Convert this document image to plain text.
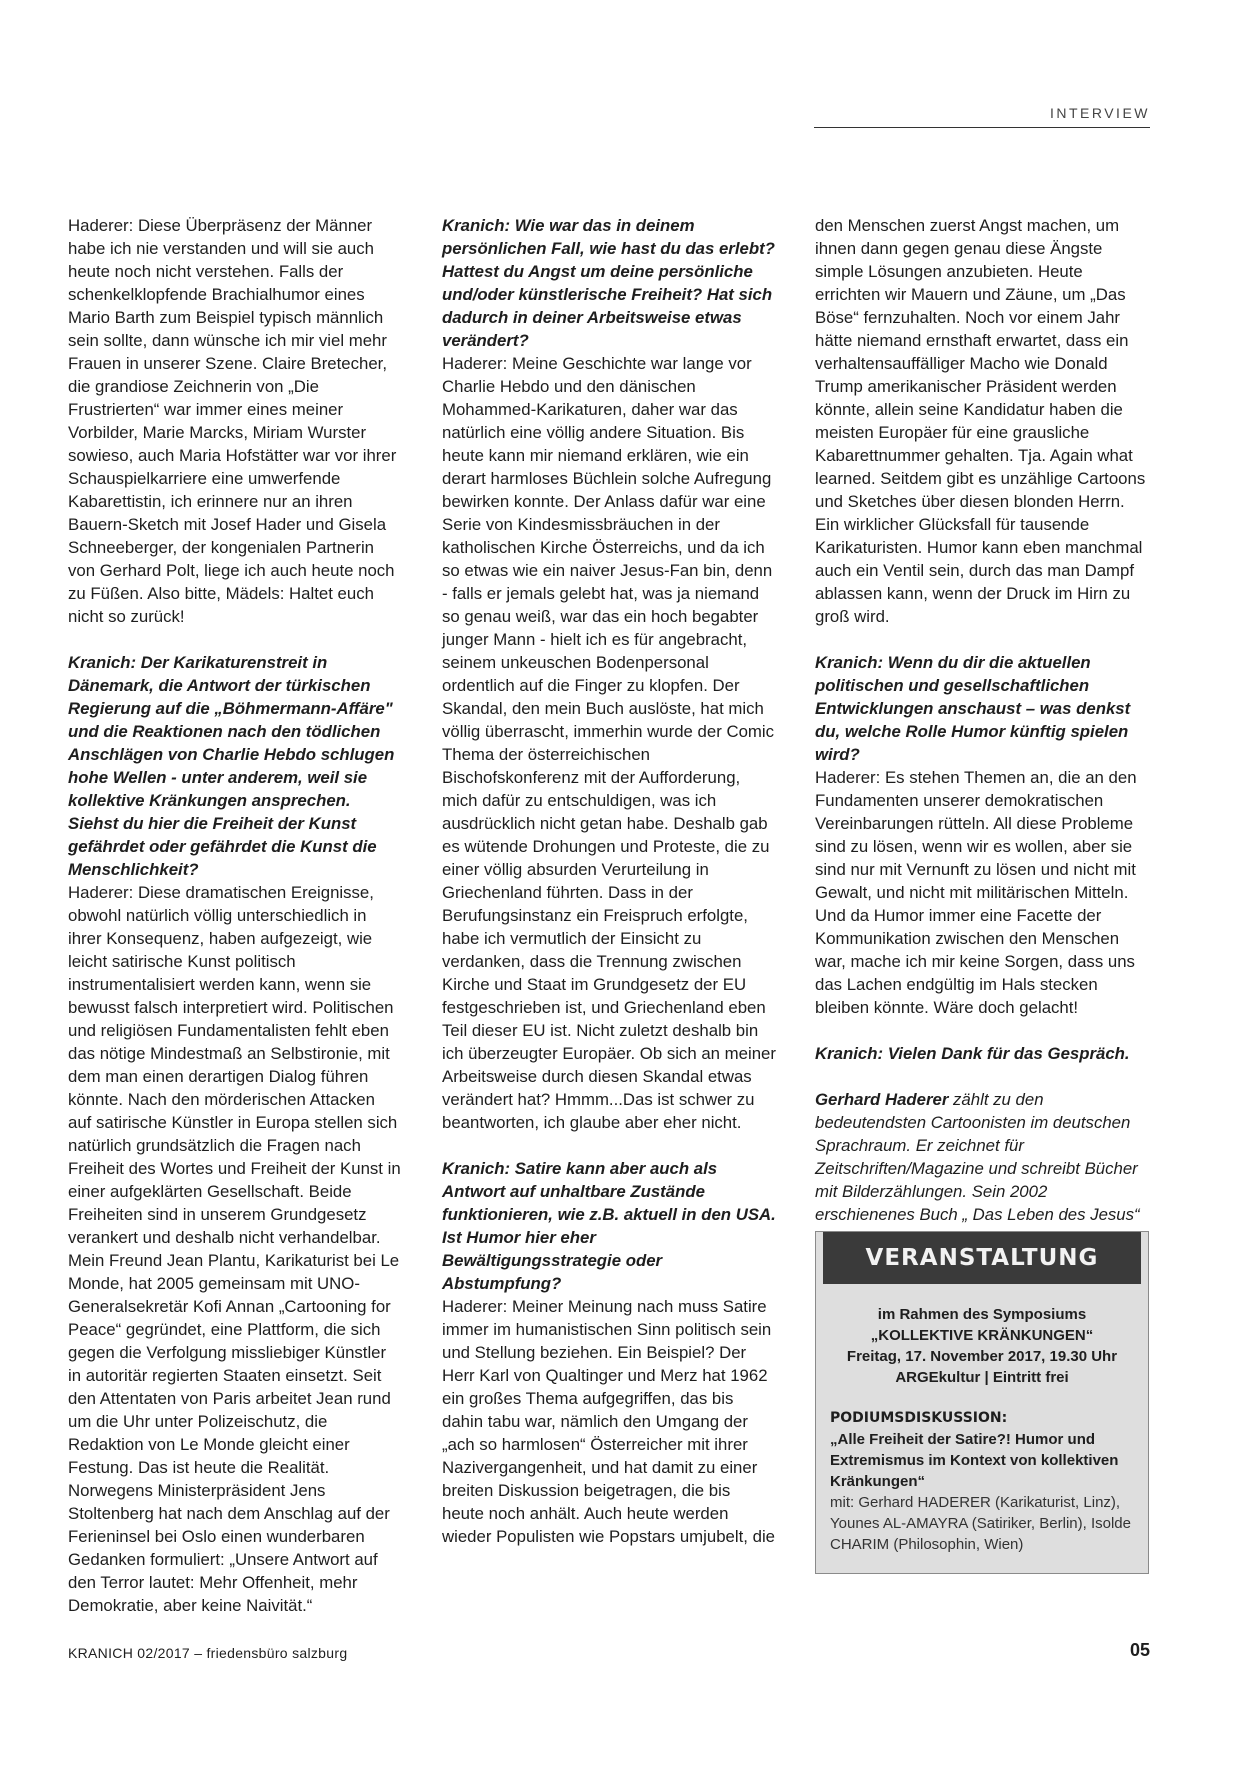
INTERVIEW

Haderer: Diese Überpräsenz der Männer habe ich nie verstanden und will sie auch heute noch nicht verstehen. Falls der schenkelklopfende Brachialhumor eines Mario Barth zum Beispiel typisch männlich sein sollte, dann wünsche ich mir viel mehr Frauen in unserer Szene. Claire Bretecher, die grandiose Zeichnerin von „Die Frustrierten“ war immer eines meiner Vorbilder, Marie Marcks, Miriam Wurster sowieso, auch Maria Hofstätter war vor ihrer Schauspielkarriere eine umwerfende Kabarettistin, ich erinnere nur an ihren Bauern-Sketch mit Josef Hader und Gisela Schneeberger, der kongenialen Partnerin von Gerhard Polt, liege ich auch heute noch zu Füßen. Also bitte, Mädels: Haltet euch nicht so zurück!

Kranich: Der Karikaturenstreit in Dänemark, die Antwort der türkischen Regierung auf die „Böhmermann-Affäre" und die Reaktionen nach den tödlichen Anschlägen von Charlie Hebdo schlugen hohe Wellen - unter anderem, weil sie kollektive Kränkungen ansprechen. Siehst du hier die Freiheit der Kunst gefährdet oder gefährdet die Kunst die Menschlichkeit?

Haderer: Diese dramatischen Ereignisse, obwohl natürlich völlig unterschiedlich in ihrer Konsequenz, haben aufgezeigt, wie leicht satirische Kunst politisch instrumentalisiert werden kann, wenn sie bewusst falsch interpretiert wird. Politischen und religiösen Fundamentalisten fehlt eben das nötige Mindestmaß an Selbstironie, mit dem man einen derartigen Dialog führen könnte. Nach den mörderischen Attacken auf satirische Künstler in Europa stellen sich natürlich grundsätzlich die Fragen nach Freiheit des Wortes und Freiheit der Kunst in einer aufgeklärten Gesellschaft. Beide Freiheiten sind in unserem Grundgesetz verankert und deshalb nicht verhandelbar. Mein Freund Jean Plantu, Karikaturist bei Le Monde, hat 2005 gemeinsam mit UNO-Generalsekretär Kofi Annan „Cartooning for Peace“ gegründet, eine Plattform, die sich gegen die Verfolgung missliebiger Künstler in autoritär regierten Staaten einsetzt. Seit den Attentaten von Paris arbeitet Jean rund um die Uhr unter Polizeischutz, die Redaktion von Le Monde gleicht einer Festung. Das ist heute die Realität. Norwegens Ministerpräsident Jens Stoltenberg hat nach dem Anschlag auf der Ferieninsel bei Oslo einen wunderbaren Gedanken formuliert: „Unsere Antwort auf den Terror lautet: Mehr Offenheit, mehr Demokratie, aber keine Naivität.“

Kranich: Wie war das in deinem persönlichen Fall, wie hast du das erlebt? Hattest du Angst um deine persönliche und/oder künstlerische Freiheit? Hat sich dadurch in deiner Arbeitsweise etwas verändert?

Haderer: Meine Geschichte war lange vor Charlie Hebdo und den dänischen Mohammed-Karikaturen, daher war das natürlich eine völlig andere Situation. Bis heute kann mir niemand erklären, wie ein derart harmloses Büchlein solche Aufregung bewirken konnte. Der Anlass dafür war eine Serie von Kindesmissbräuchen in der katholischen Kirche Österreichs, und da ich so etwas wie ein naiver Jesus-Fan bin, denn - falls er jemals gelebt hat, was ja niemand so genau weiß, war das ein hoch begabter junger Mann - hielt ich es für angebracht, seinem unkeuschen Bodenpersonal ordentlich auf die Finger zu klopfen. Der Skandal, den mein Buch auslöste, hat mich völlig überrascht, immerhin wurde der Comic Thema der österreichischen Bischofskonferenz mit der Aufforderung, mich dafür zu entschuldigen, was ich ausdrücklich nicht getan habe. Deshalb gab es wütende Drohungen und Proteste, die zu einer völlig absurden Verurteilung in Griechenland führten. Dass in der Berufungsinstanz ein Freispruch erfolgte, habe ich vermutlich der Einsicht zu verdanken, dass die Trennung zwischen Kirche und Staat im Grundgesetz der EU festgeschrieben ist, und Griechenland eben Teil dieser EU ist. Nicht zuletzt deshalb bin ich überzeugter Europäer. Ob sich an meiner Arbeitsweise durch diesen Skandal etwas verändert hat? Hmmm...Das ist schwer zu beantworten, ich glaube aber eher nicht.

Kranich: Satire kann aber auch als Antwort auf unhaltbare Zustände funktionieren, wie z.B. aktuell in den USA. Ist Humor hier eher Bewältigungsstrategie oder Abstumpfung?

Haderer: Meiner Meinung nach muss Satire immer im humanistischen Sinn politisch sein und Stellung beziehen. Ein Beispiel? Der Herr Karl von Qualtinger und Merz hat 1962 ein großes Thema aufgegriffen, das bis dahin tabu war, nämlich den Umgang der „ach so harmlosen“ Österreicher mit ihrer Nazivergangenheit, und hat damit zu einer breiten Diskussion beigetragen, die bis heute noch anhält. Auch heute werden wieder Populisten wie Popstars umjubelt, die

den Menschen zuerst Angst machen, um ihnen dann gegen genau diese Ängste simple Lösungen anzubieten. Heute errichten wir Mauern und Zäune, um „Das Böse“ fernzuhalten. Noch vor einem Jahr hätte niemand ernsthaft erwartet, dass ein verhaltensauffälliger Macho wie Donald Trump amerikanischer Präsident werden könnte, allein seine Kandidatur haben die meisten Europäer für eine grausliche Kabarettnummer gehalten. Tja. Again what learned. Seitdem gibt es unzählige Cartoons und Sketches über diesen blonden Herrn. Ein wirklicher Glücksfall für tausende Karikaturisten. Humor kann eben manchmal auch ein Ventil sein, durch das man Dampf ablassen kann, wenn der Druck im Hirn zu groß wird.

Kranich: Wenn du dir die aktuellen politischen und gesellschaftlichen Entwicklungen anschaust – was denkst du, welche Rolle Humor künftig spielen wird?

Haderer: Es stehen Themen an, die an den Fundamenten unserer demokratischen Vereinbarungen rütteln. All diese Probleme sind zu lösen, wenn wir es wollen, aber sie sind nur mit Vernunft zu lösen und nicht mit Gewalt, und nicht mit militärischen Mitteln. Und da Humor immer eine Facette der Kommunikation zwischen den Menschen war, mache ich mir keine Sorgen, dass uns das Lachen endgültig im Hals stecken bleiben könnte. Wäre doch gelacht!

Kranich: Vielen Dank für das Gespräch.

Gerhard Haderer zählt zu den bedeutendsten Cartoonisten im deutschen Sprachraum. Er zeichnet für Zeitschriften/Magazine und schreibt Bücher mit Bilderzählungen. Sein 2002 erschienenes Buch „ Das Leben des Jesus“

VERANSTALTUNG
im Rahmen des Symposiums
„KOLLEKTIVE KRÄNKUNGEN“
Freitag, 17. November 2017, 19.30 Uhr
ARGEkultur | Eintritt frei
PODIUMSDISKUSSION:
„Alle Freiheit der Satire?! Humor und Extremismus im Kontext von kollektiven Kränkungen“
mit: Gerhard HADERER (Karikaturist, Linz), Younes AL-AMAYRA (Satiriker, Berlin), Isolde CHARIM (Philosophin, Wien)
KRANICH 02/2017 – friedensbüro salzburg	05
